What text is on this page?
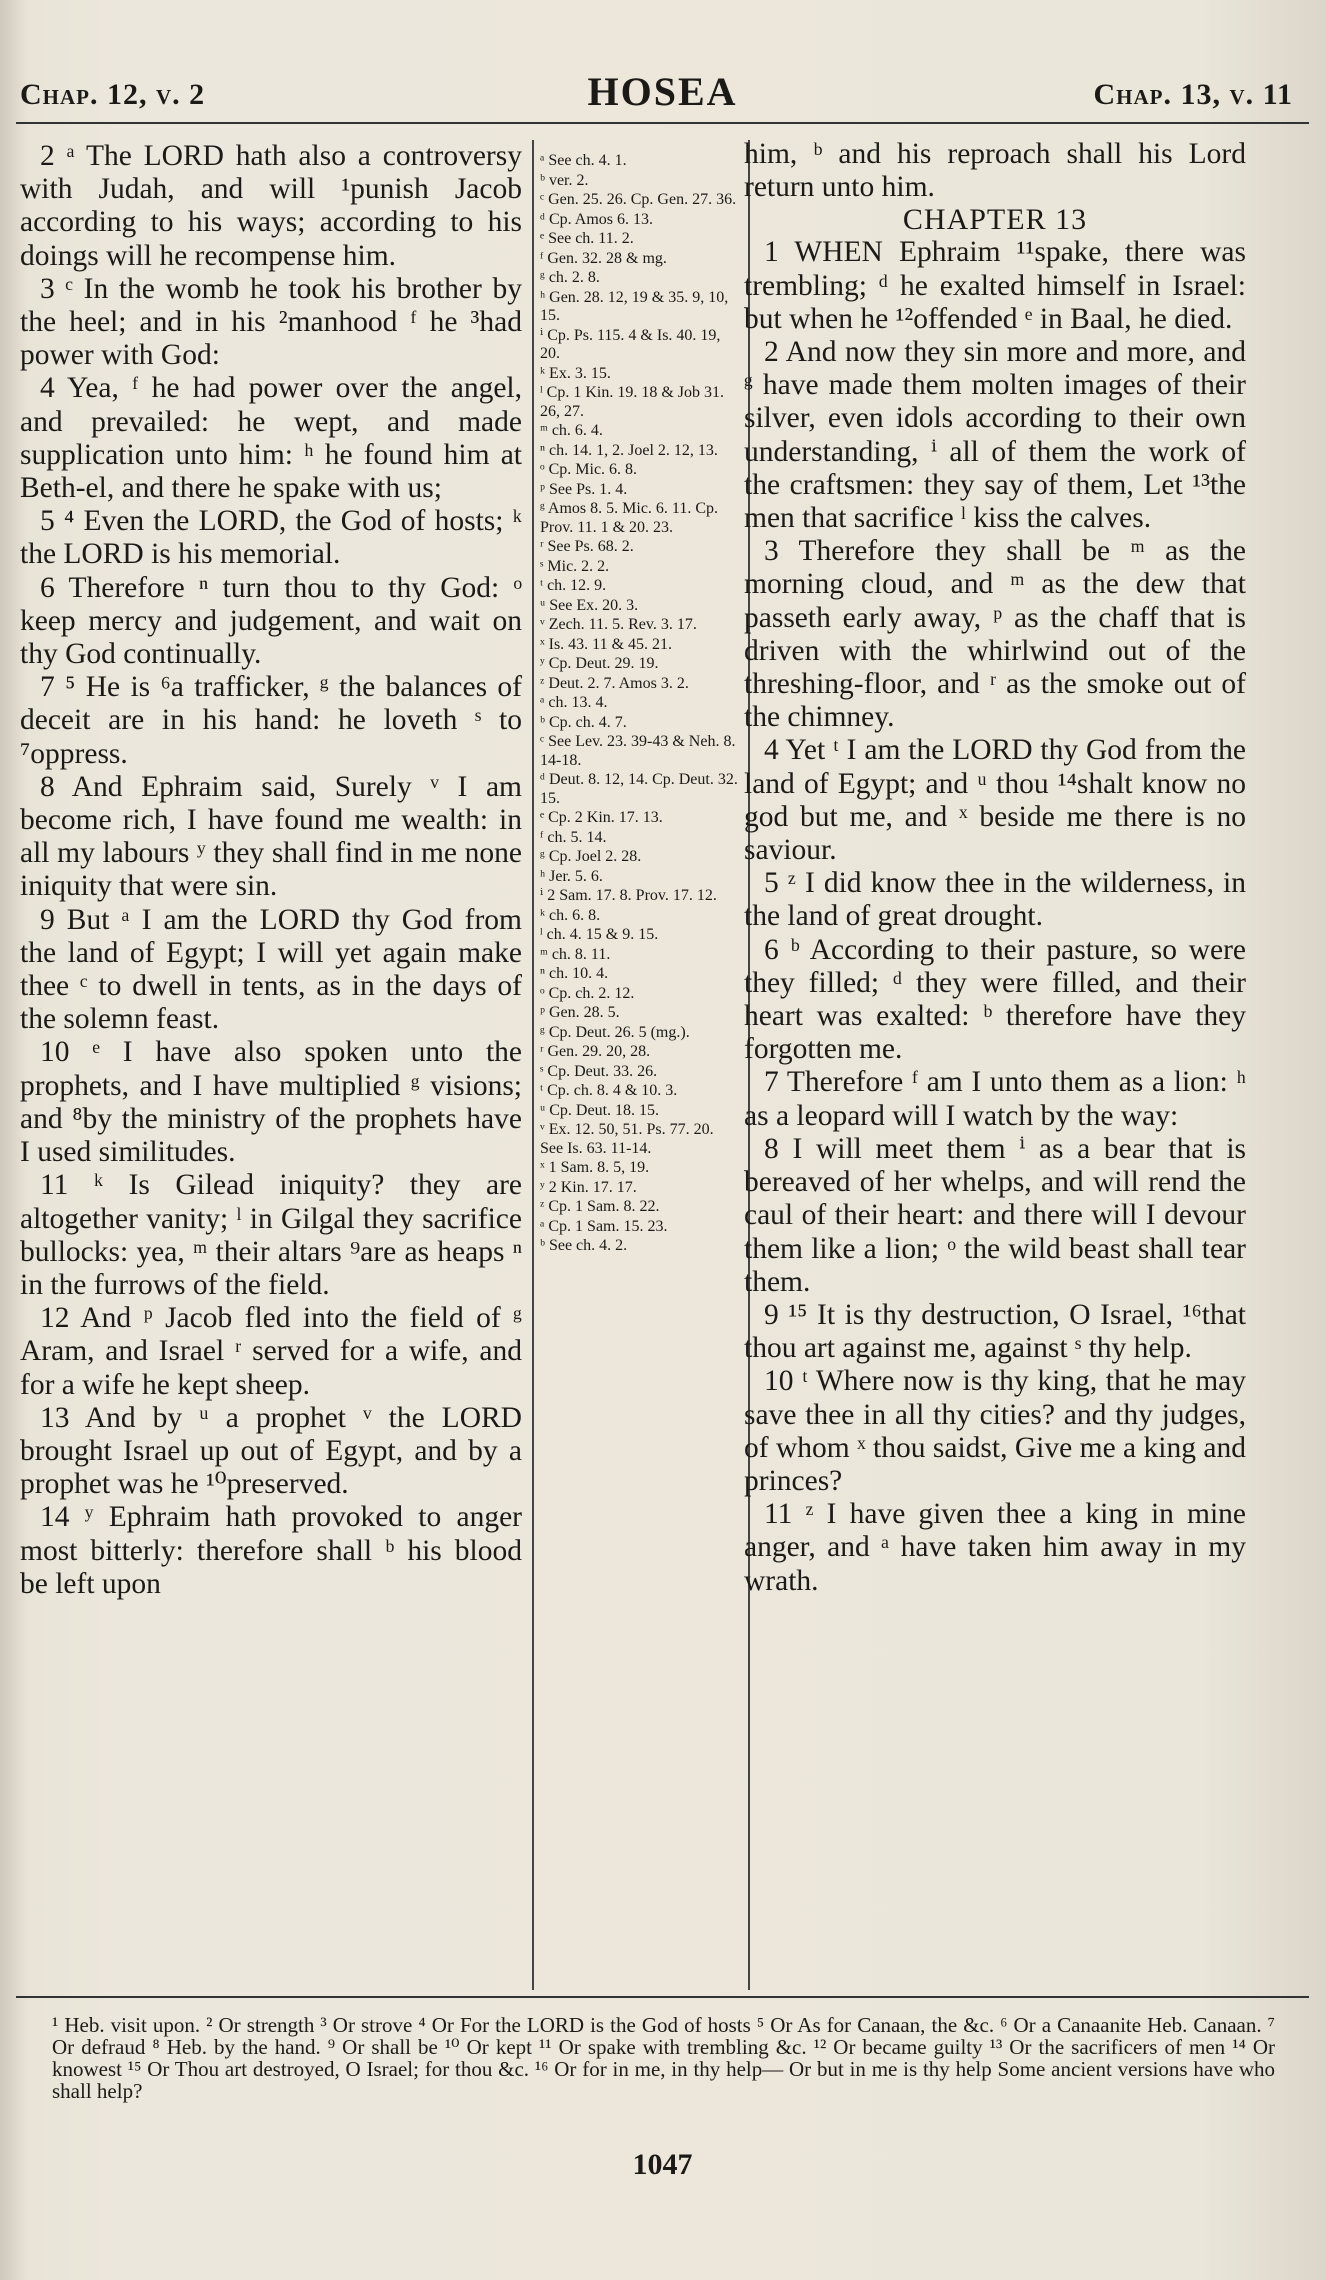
Chap. 12, v. 2	HOSEA	Chap. 13, v. 11

2 ᵃ The LORD hath also a controversy with Judah, and will ¹punish Jacob according to his ways; according to his doings will he recompense him.

3 ᶜ In the womb he took his brother by the heel; and in his ²manhood ᶠ he ³had power with God:

4 Yea, ᶠ he had power over the angel, and prevailed: he wept, and made supplication unto him: ʰ he found him at Beth-el, and there he spake with us;

5 ⁴ Even the LORD, the God of hosts; ᵏ the LORD is his memorial.

6 Therefore ⁿ turn thou to thy God: ᵒ keep mercy and judgement, and wait on thy God continually.

7 ⁵ He is ⁶a trafficker, ᵍ the balances of deceit are in his hand: he loveth ˢ to ⁷oppress.

8 And Ephraim said, Surely ᵛ I am become rich, I have found me wealth: in all my labours ʸ they shall find in me none iniquity that were sin.

9 But ᵃ I am the LORD thy God from the land of Egypt; I will yet again make thee ᶜ to dwell in tents, as in the days of the solemn feast.

10 ᵉ I have also spoken unto the prophets, and I have multiplied ᵍ visions; and ⁸by the ministry of the prophets have I used similitudes.

11 ᵏ Is Gilead iniquity? they are altogether vanity; ˡ in Gilgal they sacrifice bullocks: yea, ᵐ their altars ⁹are as heaps ⁿ in the furrows of the field.

12 And ᵖ Jacob fled into the field of ᵍ Aram, and Israel ʳ served for a wife, and for a wife he kept sheep.

13 And by ᵘ a prophet ᵛ the LORD brought Israel up out of Egypt, and by a prophet was he ¹⁰preserved.

14 ʸ Ephraim hath provoked to anger most bitterly: therefore shall ᵇ his blood be left upon

ᵃ See ch. 4. 1.
ᵇ ver. 2.
ᶜ Gen. 25. 26. Cp. Gen. 27. 36.
ᵈ Cp. Amos 6. 13.
ᵉ See ch. 11. 2.
ᶠ Gen. 32. 28 & mg.
ᵍ ch. 2. 8.
ʰ Gen. 28. 12, 19 & 35. 9, 10, 15.
ⁱ Cp. Ps. 115. 4 & Is. 40. 19, 20.
ᵏ Ex. 3. 15.
ˡ Cp. 1 Kin. 19. 18 & Job 31. 26, 27.
ᵐ ch. 6. 4.
ⁿ ch. 14. 1, 2. Joel 2. 12, 13.
ᵒ Cp. Mic. 6. 8.
ᵖ See Ps. 1. 4.
ᵍ Amos 8. 5. Mic. 6. 11. Cp. Prov. 11. 1 & 20. 23.
ʳ See Ps. 68. 2.
ˢ Mic. 2. 2.
ᵗ ch. 12. 9.
ᵘ See Ex. 20. 3.
ᵛ Zech. 11. 5. Rev. 3. 17.
ˣ Is. 43. 11 & 45. 21.
ʸ Cp. Deut. 29. 19.
ᶻ Deut. 2. 7. Amos 3. 2.
ᵃ ch. 13. 4.
ᵇ Cp. ch. 4. 7.
ᶜ See Lev. 23. 39-43 & Neh. 8. 14-18.
ᵈ Deut. 8. 12, 14. Cp. Deut. 32. 15.
ᵉ Cp. 2 Kin. 17. 13.
ᶠ ch. 5. 14.
ᵍ Cp. Joel 2. 28.
ʰ Jer. 5. 6.
ⁱ 2 Sam. 17. 8. Prov. 17. 12.
ᵏ ch. 6. 8.
ˡ ch. 4. 15 & 9. 15.
ᵐ ch. 8. 11.
ⁿ ch. 10. 4.
ᵒ Cp. ch. 2. 12.
ᵖ Gen. 28. 5.
ᵍ Cp. Deut. 26. 5 (mg.).
ʳ Gen. 29. 20, 28.
ˢ Cp. Deut. 33. 26.
ᵗ Cp. ch. 8. 4 & 10. 3.
ᵘ Cp. Deut. 18. 15.
ᵛ Ex. 12. 50, 51. Ps. 77. 20. See Is. 63. 11-14.
ˣ 1 Sam. 8. 5, 19.
ʸ 2 Kin. 17. 17.
ᶻ Cp. 1 Sam. 8. 22.
ᵃ Cp. 1 Sam. 15. 23.
ᵇ See ch. 4. 2.

him, ᵇ and his reproach shall his Lord return unto him.

CHAPTER 13

1 WHEN Ephraim ¹¹spake, there was trembling; ᵈ he exalted himself in Israel: but when he ¹²offended ᵉ in Baal, he died.

2 And now they sin more and more, and ᵍ have made them molten images of their silver, even idols according to their own understanding, ⁱ all of them the work of the craftsmen: they say of them, Let ¹³the men that sacrifice ˡ kiss the calves.

3 Therefore they shall be ᵐ as the morning cloud, and ᵐ as the dew that passeth early away, ᵖ as the chaff that is driven with the whirlwind out of the threshing-floor, and ʳ as the smoke out of the chimney.

4 Yet ᵗ I am the LORD thy God from the land of Egypt; and ᵘ thou ¹⁴shalt know no god but me, and ˣ beside me there is no saviour.

5 ᶻ I did know thee in the wilderness, in the land of great drought.

6 ᵇ According to their pasture, so were they filled; ᵈ they were filled, and their heart was exalted: ᵇ therefore have they forgotten me.

7 Therefore ᶠ am I unto them as a lion: ʰ as a leopard will I watch by the way:

8 I will meet them ⁱ as a bear that is bereaved of her whelps, and will rend the caul of their heart: and there will I devour them like a lion; ᵒ the wild beast shall tear them.

9 ¹⁵ It is thy destruction, O Israel, ¹⁶that thou art against me, against ˢ thy help.

10 ᵗ Where now is thy king, that he may save thee in all thy cities? and thy judges, of whom ˣ thou saidst, Give me a king and princes?

11 ᶻ I have given thee a king in mine anger, and ᵃ have taken him away in my wrath.

¹ Heb. visit upon. ² Or strength ³ Or strove ⁴ Or For the LORD is the God of hosts ⁵ Or As for Canaan, the &c. ⁶ Or a Canaanite Heb. Canaan. ⁷ Or defraud ⁸ Heb. by the hand. ⁹ Or shall be ¹⁰ Or kept ¹¹ Or spake with trembling &c. ¹² Or became guilty ¹³ Or the sacrificers of men ¹⁴ Or knowest ¹⁵ Or Thou art destroyed, O Israel; for thou &c. ¹⁶ Or for in me, in thy help— Or but in me is thy help Some ancient versions have who shall help?
1047
